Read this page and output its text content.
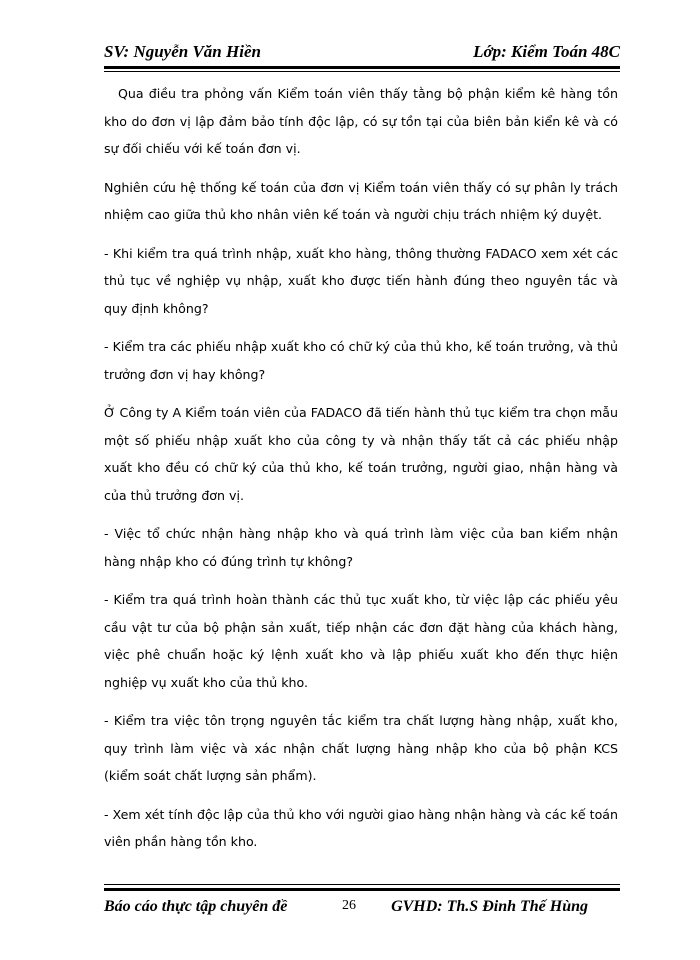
SV: Nguyễn Văn Hiền	Lớp: Kiểm Toán 48C

Qua điều tra phỏng vấn Kiểm toán viên thấy tằng bộ phận kiểm kê hàng tồn kho do đơn vị lập đảm bảo tính độc lập, có sự tồn tại của biên bản kiển kê và có sự đối chiếu với kế toán đơn vị.

Nghiên cứu hệ thống kế toán của đơn vị Kiểm toán viên thấy có sự phân ly trách nhiệm cao giữa thủ kho nhân viên kế toán và người chịu trách nhiệm ký duyệt.

- Khi kiểm tra quá trình nhập, xuất kho hàng, thông thường FADACO xem xét các thủ tục về nghiệp vụ nhập, xuất kho được tiến hành đúng theo nguyên tắc và quy định không?

- Kiểm tra các phiếu nhập xuất kho có chữ ký của thủ kho, kế toán trưởng, và thủ trưởng đơn vị hay không?

Ở Công ty A Kiểm toán viên của FADACO đã tiến hành thủ tục kiểm tra chọn mẫu một số phiếu nhập xuất kho của công ty và nhận thấy tất cả các phiếu nhập xuất kho đều có chữ ký của thủ kho, kế toán trưởng, người giao, nhận hàng và của thủ trưởng đơn vị.

- Việc tổ chức nhận hàng nhập kho và quá trình làm việc của ban kiểm nhận hàng nhập kho có đúng trình tự không?

- Kiểm tra quá trình hoàn thành các thủ tục xuất kho, từ việc lập các phiếu yêu cầu vật tư của bộ phận sản xuất, tiếp nhận các đơn đặt hàng của khách hàng, việc phê chuẩn hoặc ký lệnh xuất kho và lập phiếu xuất kho đến thực hiện nghiệp vụ xuất kho của thủ kho.

- Kiểm tra việc tôn trọng nguyên tắc kiểm tra chất lượng hàng nhập, xuất kho, quy trình làm việc và xác nhận chất lượng hàng nhập kho của bộ phận KCS (kiểm soát chất lượng sản phẩm).

- Xem xét tính độc lập của thủ kho với người giao hàng nhận hàng và các kế toán viên phần hàng tồn kho.

Báo cáo thực tập chuyên đề	26 GVHD: Th.S Đinh Thế Hùng
